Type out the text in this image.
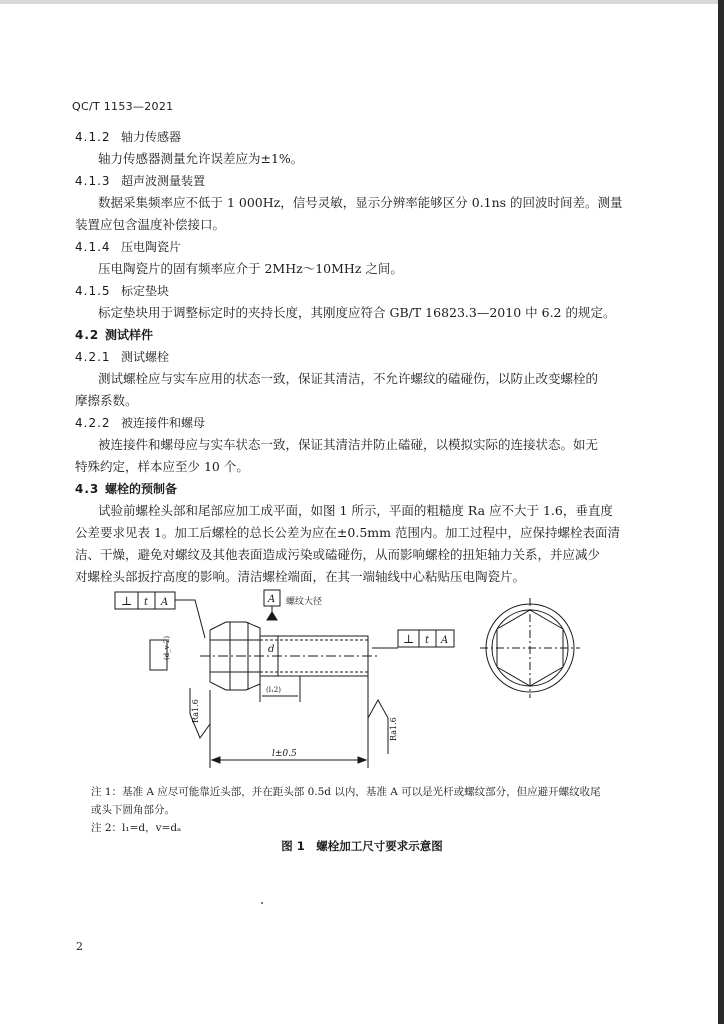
QC/T 1153—2021
4.1.2 轴力传感器
轴力传感器测量允许误差应为±1%。
4.1.3 超声波测量装置
数据采集频率应不低于 1 000Hz，信号灵敏，显示分辨率能够区分 0.1ns 的回波时间差。测量
装置应包含温度补偿接口。
4.1.4 压电陶瓷片
压电陶瓷片的固有频率应介于 2MHz～10MHz 之间。
4.1.5 标定垫块
标定垫块用于调整标定时的夹持长度，其刚度应符合 GB/T 16823.3—2010 中 6.2 的规定。
4.2 测试样件
4.2.1 测试螺栓
测试螺栓应与实车应用的状态一致，保证其清洁，不允许螺纹的磕碰伤，以防止改变螺栓的
摩擦系数。
4.2.2 被连接件和螺母
被连接件和螺母应与实车状态一致，保证其清洁并防止磕碰，以模拟实际的连接状态。如无
特殊约定，样本应至少 10 个。
4.3 螺栓的预制备
试验前螺栓头部和尾部应加工成平面，如图 1 所示，平面的粗糙度 Ra 应不大于 1.6，垂直度
公差要求见表 1。加工后螺栓的总长公差为应在±0.5mm 范围内。加工过程中，应保持螺栓表面清
洁、干燥，避免对螺纹及其他表面造成污染或磕碰伤，从而影响螺栓的扭矩轴力关系，并应减少
对螺栓头部扳拧高度的影响。清洁螺栓端面，在其一端轴线中心粘贴压电陶瓷片。
⊥ t A	A 螺纹大径
d
(d_v 2)
(l₁2)
l±0.5
Ra1.6
Ra1.6
⊥ t A
注 1：基准 A 应尽可能靠近头部，并在距头部 0.5d 以内，基准 A 可以是光杆或螺纹部分，但应避开螺纹收尾
或头下圆角部分。
注 2：l₁=d，v=dₐ
图 1　螺栓加工尺寸要求示意图
2
